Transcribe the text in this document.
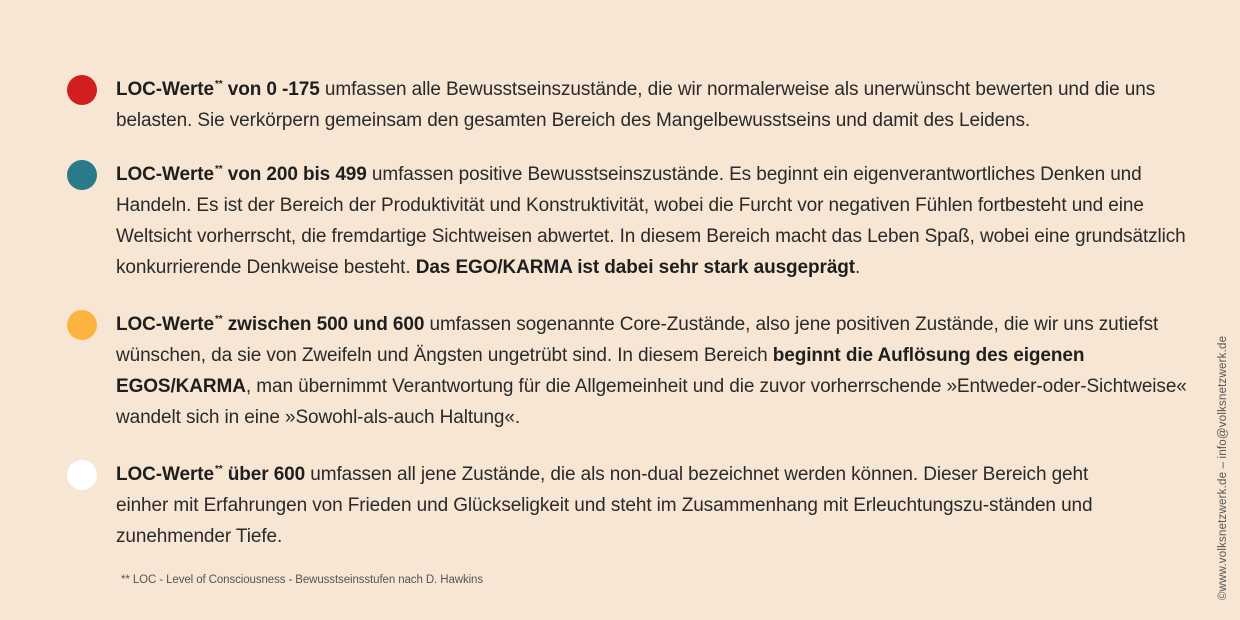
LOC-Werte** von 0 -175 umfassen alle Bewusstseinszustände, die wir normalerweise als unerwünscht bewerten und die uns belasten. Sie verkörpern gemeinsam den gesamten Bereich des Mangelbewusstseins und damit des Leidens.
LOC-Werte** von 200 bis 499 umfassen positive Bewusstseinszustände. Es beginnt ein eigenverantwortliches Denken und Handeln. Es ist der Bereich der Produktivität und Konstruktivität, wobei die Furcht vor negativen Fühlen fortbesteht und eine Weltsicht vorherrscht, die fremdartige Sichtweisen abwertet. In diesem Bereich macht das Leben Spaß, wobei eine grundsätzlich konkurrierende Denkweise besteht. Das EGO/KARMA ist dabei sehr stark ausgeprägt.
LOC-Werte** zwischen 500 und 600 umfassen sogenannte Core-Zustände, also jene positiven Zustände, die wir uns zutiefst wünschen, da sie von Zweifeln und Ängsten ungetrübt sind. In diesem Bereich beginnt die Auflösung des eigenen EGOS/KARMA, man übernimmt Verantwortung für die Allgemeinheit und die zuvor vorherrschende »Entweder-oder-Sichtweise« wandelt sich in eine »Sowohl-als-auch Haltung«.
LOC-Werte** über 600 umfassen all jene Zustände, die als non-dual bezeichnet werden können. Dieser Bereich geht einher mit Erfahrungen von Frieden und Glückseligkeit und steht im Zusammenhang mit Erleuchtungszu-ständen und zunehmender Tiefe.
** LOC - Level of Consciousness - Bewusstseinsstufen nach D. Hawkins	©www.volksnetzwerk.de – info@volksnetzwerk.de
